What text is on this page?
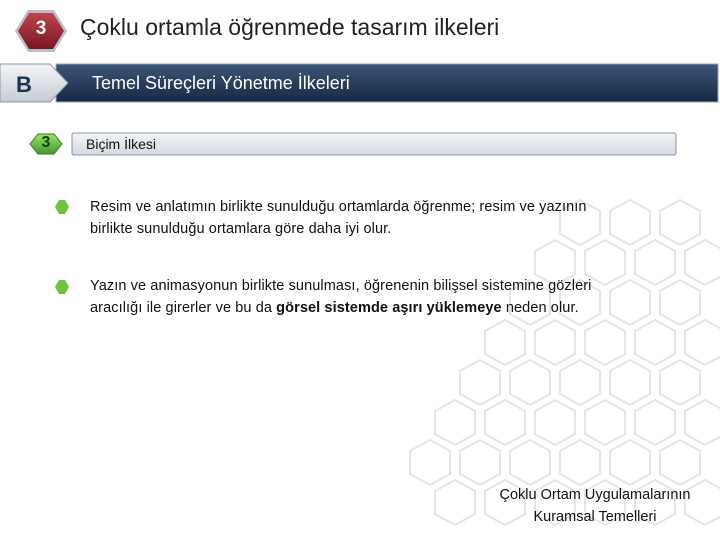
3	Çoklu ortamla öğrenmede tasarım ilkeleri
B	Temel Süreçleri Yönetme İlkeleri
3	Biçim İlkesi
Resim ve anlatımın birlikte sunulduğu ortamlarda öğrenme; resim ve yazının
birlikte sunulduğu ortamlara göre daha iyi olur.
Yazın ve animasyonun birlikte sunulması, öğrenenin bilişsel sistemine gözleri
aracılığı ile girerler ve bu da görsel sistemde aşırı yüklemeye neden olur.
Çoklu Ortam Uygulamalarının
Kuramsal Temelleri
